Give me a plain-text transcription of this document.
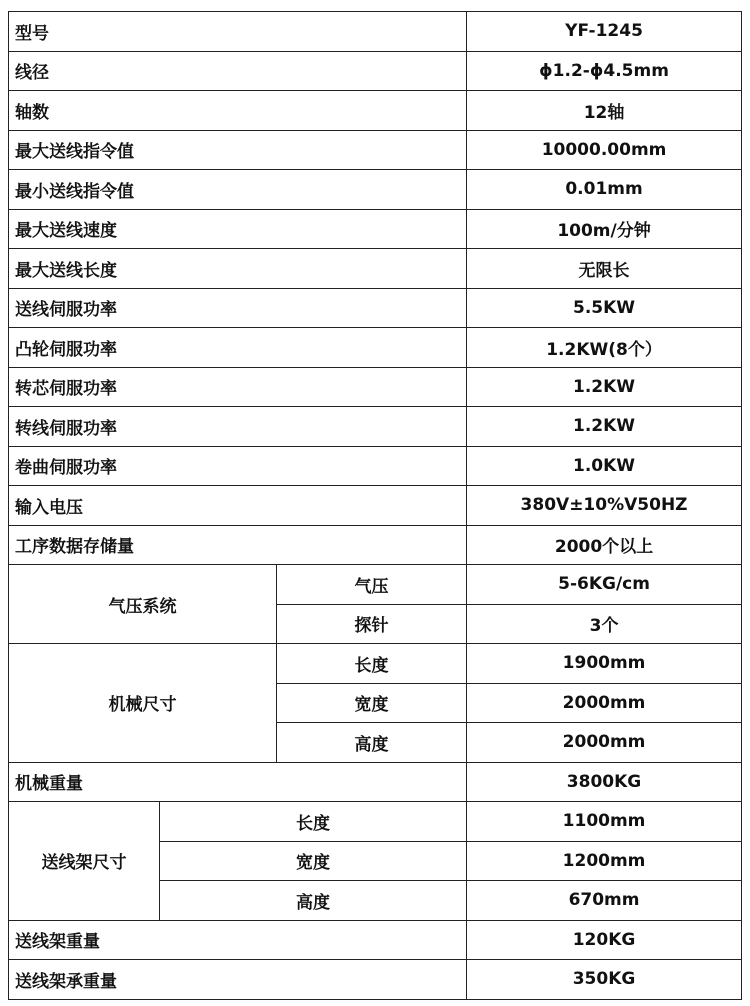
型号			YF-1245
线径			ϕ1.2-ϕ4.5mm
轴数			12轴
最大送线指令值			10000.00mm
最小送线指令值			0.01mm
最大送线速度			100m/分钟
最大送线长度			无限长
送线伺服功率			5.5KW
凸轮伺服功率			1.2KW(8个）
转芯伺服功率			1.2KW
转线伺服功率			1.2KW
卷曲伺服功率			1.0KW
输入电压			380V±10%V50HZ
工序数据存储量			2000个以上
气压系统		气压	5-6KG/cm
		探针	3个
机械尺寸		长度	1900mm
		宽度	2000mm
		高度	2000mm
机械重量			3800KG
送线架尺寸	长度		1100mm
	宽度		1200mm
	高度		670mm
送线架重量			120KG
送线架承重量			350KG
